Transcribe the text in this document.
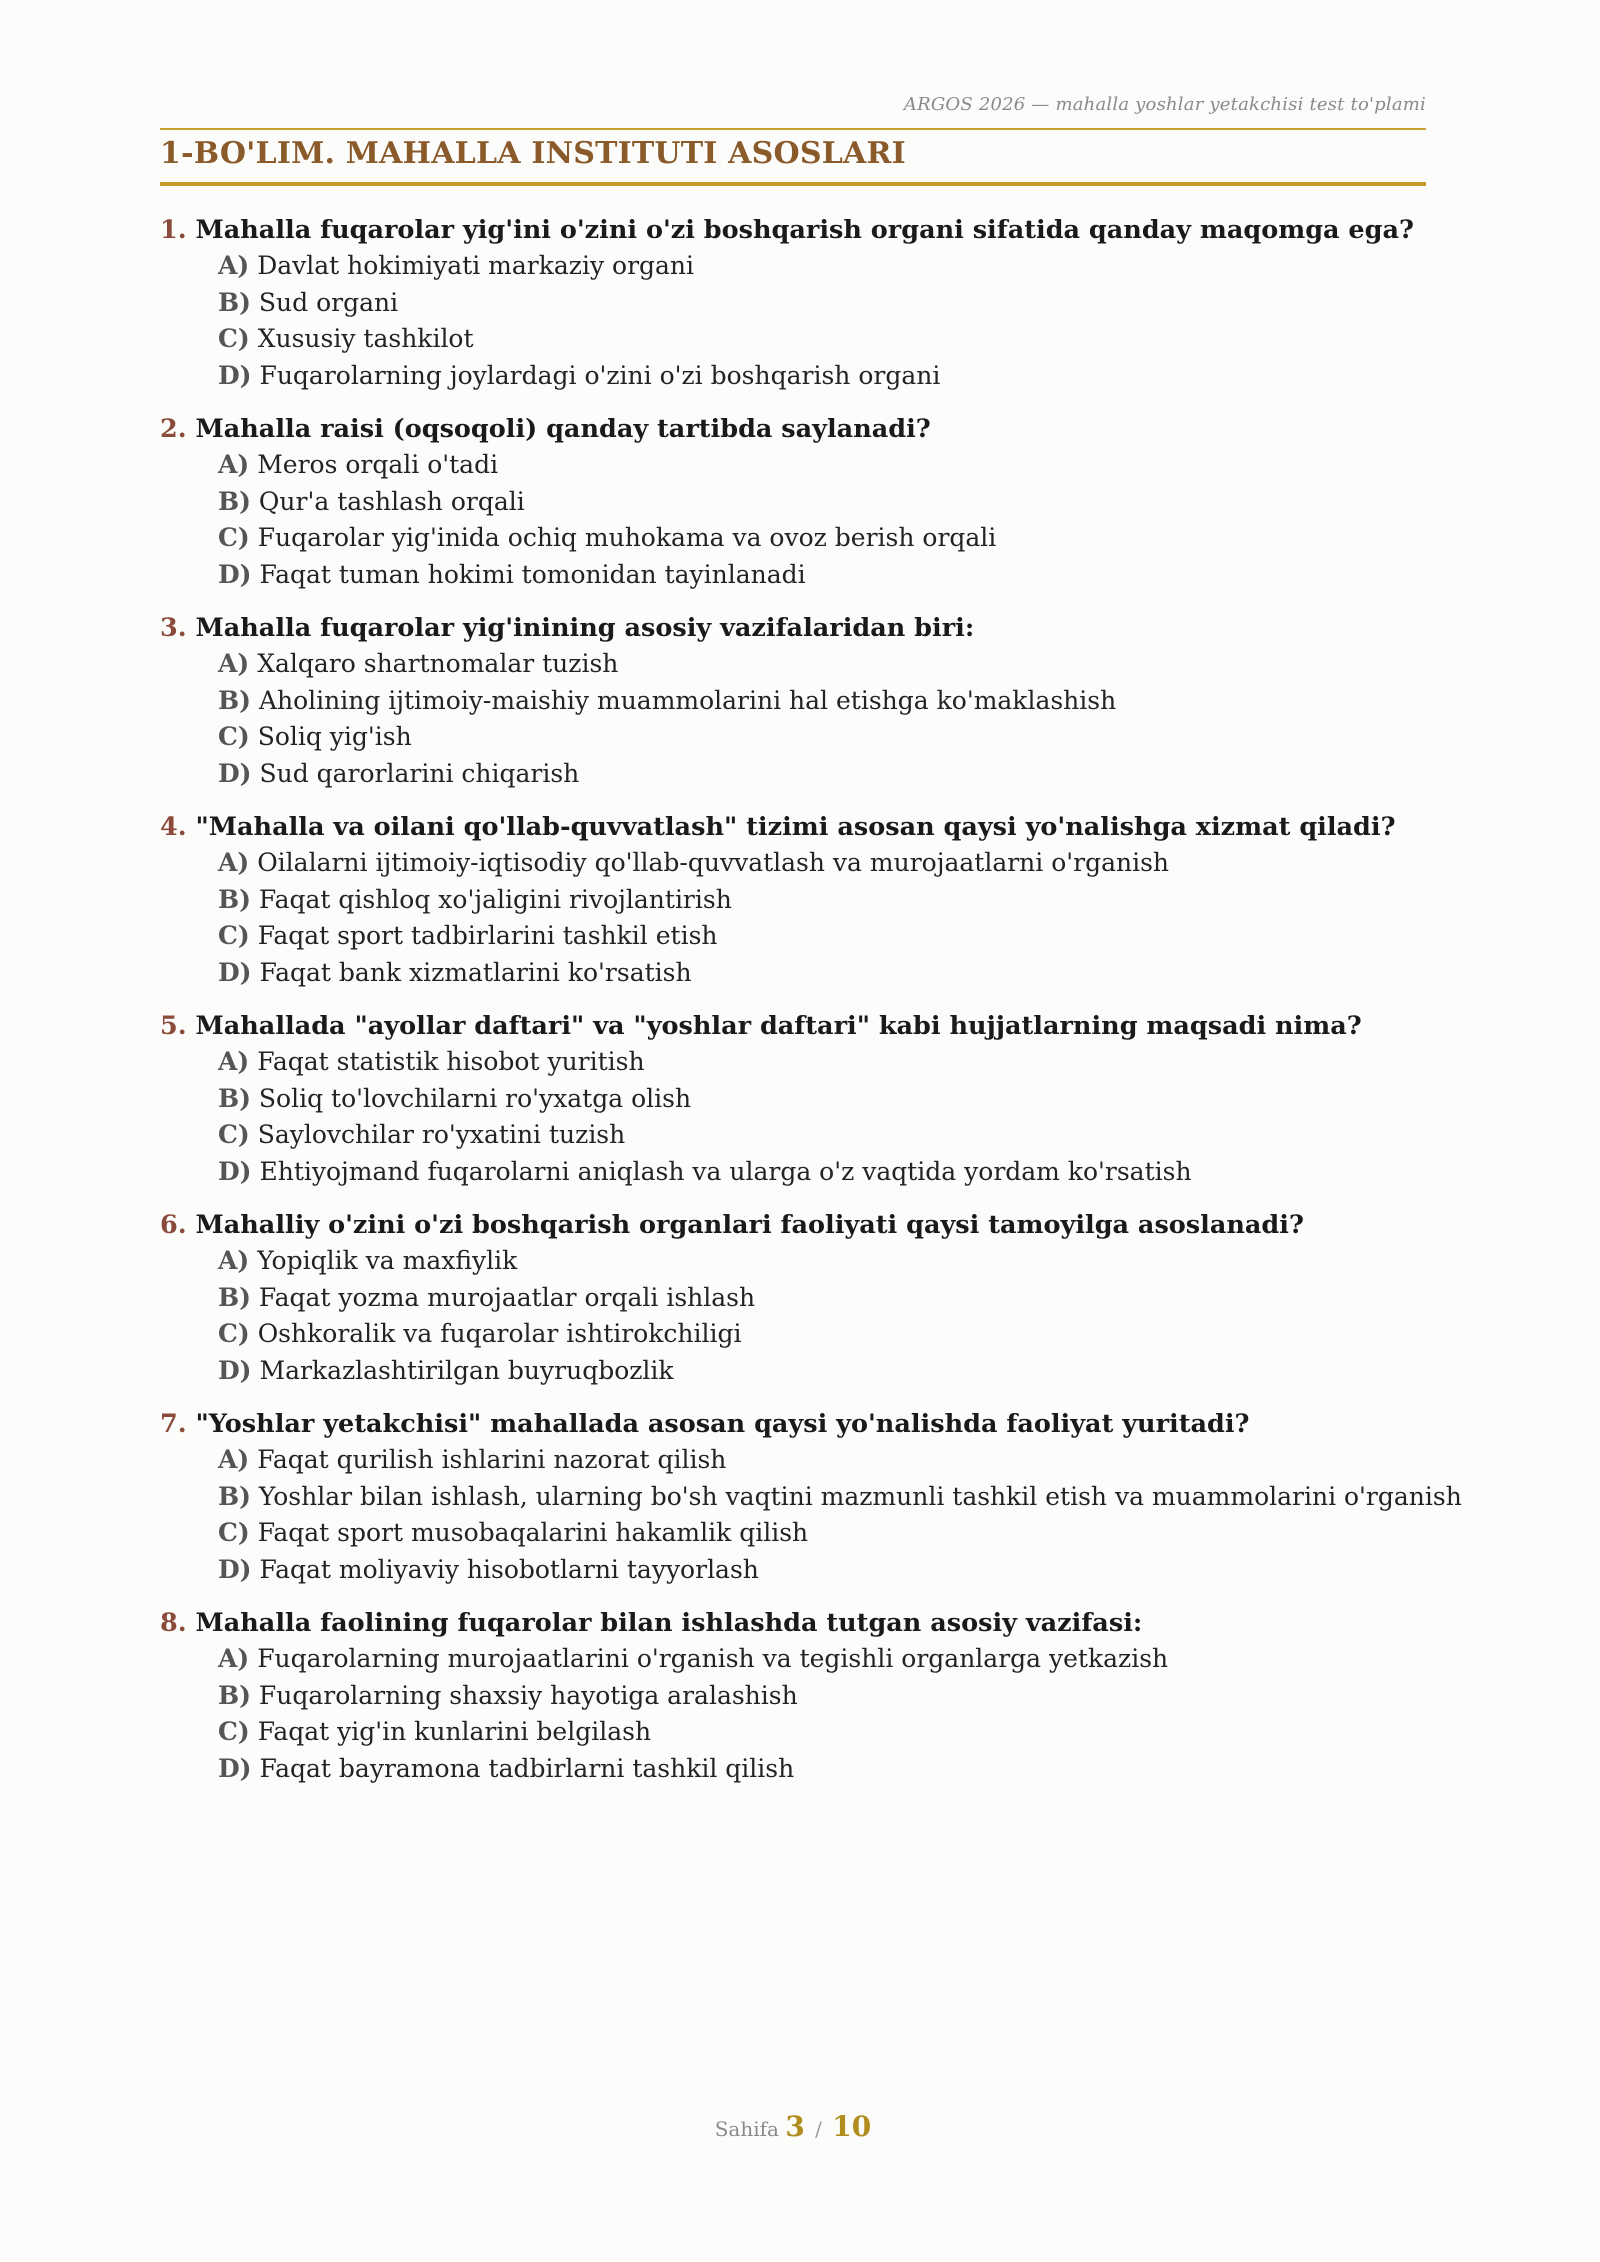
ARGOS 2026 — mahalla yoshlar yetakchisi test to'plami
1-BO'LIM. MAHALLA INSTITUTI ASOSLARI
1. Mahalla fuqarolar yig'ini o'zini o'zi boshqarish organi sifatida qanday maqomga ega?
A) Davlat hokimiyati markaziy organi
B) Sud organi
C) Xususiy tashkilot
D) Fuqarolarning joylardagi o'zini o'zi boshqarish organi
2. Mahalla raisi (oqsoqoli) qanday tartibda saylanadi?
A) Meros orqali o'tadi
B) Qur'a tashlash orqali
C) Fuqarolar yig'inida ochiq muhokama va ovoz berish orqali
D) Faqat tuman hokimi tomonidan tayinlanadi
3. Mahalla fuqarolar yig'inining asosiy vazifalaridan biri:
A) Xalqaro shartnomalar tuzish
B) Aholining ijtimoiy-maishiy muammolarini hal etishga ko'maklashish
C) Soliq yig'ish
D) Sud qarorlarini chiqarish
4. "Mahalla va oilani qo'llab-quvvatlash" tizimi asosan qaysi yo'nalishga xizmat qiladi?
A) Oilalarni ijtimoiy-iqtisodiy qo'llab-quvvatlash va murojaatlarni o'rganish
B) Faqat qishloq xo'jaligini rivojlantirish
C) Faqat sport tadbirlarini tashkil etish
D) Faqat bank xizmatlarini ko'rsatish
5. Mahallada "ayollar daftari" va "yoshlar daftari" kabi hujjatlarning maqsadi nima?
A) Faqat statistik hisobot yuritish
B) Soliq to'lovchilarni ro'yxatga olish
C) Saylovchilar ro'yxatini tuzish
D) Ehtiyojmand fuqarolarni aniqlash va ularga o'z vaqtida yordam ko'rsatish
6. Mahalliy o'zini o'zi boshqarish organlari faoliyati qaysi tamoyilga asoslanadi?
A) Yopiqlik va maxfiylik
B) Faqat yozma murojaatlar orqali ishlash
C) Oshkoralik va fuqarolar ishtirokchiligi
D) Markazlashtirilgan buyruqbozlik
7. "Yoshlar yetakchisi" mahallada asosan qaysi yo'nalishda faoliyat yuritadi?
A) Faqat qurilish ishlarini nazorat qilish
B) Yoshlar bilan ishlash, ularning bo'sh vaqtini mazmunli tashkil etish va muammolarini o'rganish
C) Faqat sport musobaqalarini hakamlik qilish
D) Faqat moliyaviy hisobotlarni tayyorlash
8. Mahalla faolining fuqarolar bilan ishlashda tutgan asosiy vazifasi:
A) Fuqarolarning murojaatlarini o'rganish va tegishli organlarga yetkazish
B) Fuqarolarning shaxsiy hayotiga aralashish
C) Faqat yig'in kunlarini belgilash
D) Faqat bayramona tadbirlarni tashkil qilish
Sahifa 3 / 10
